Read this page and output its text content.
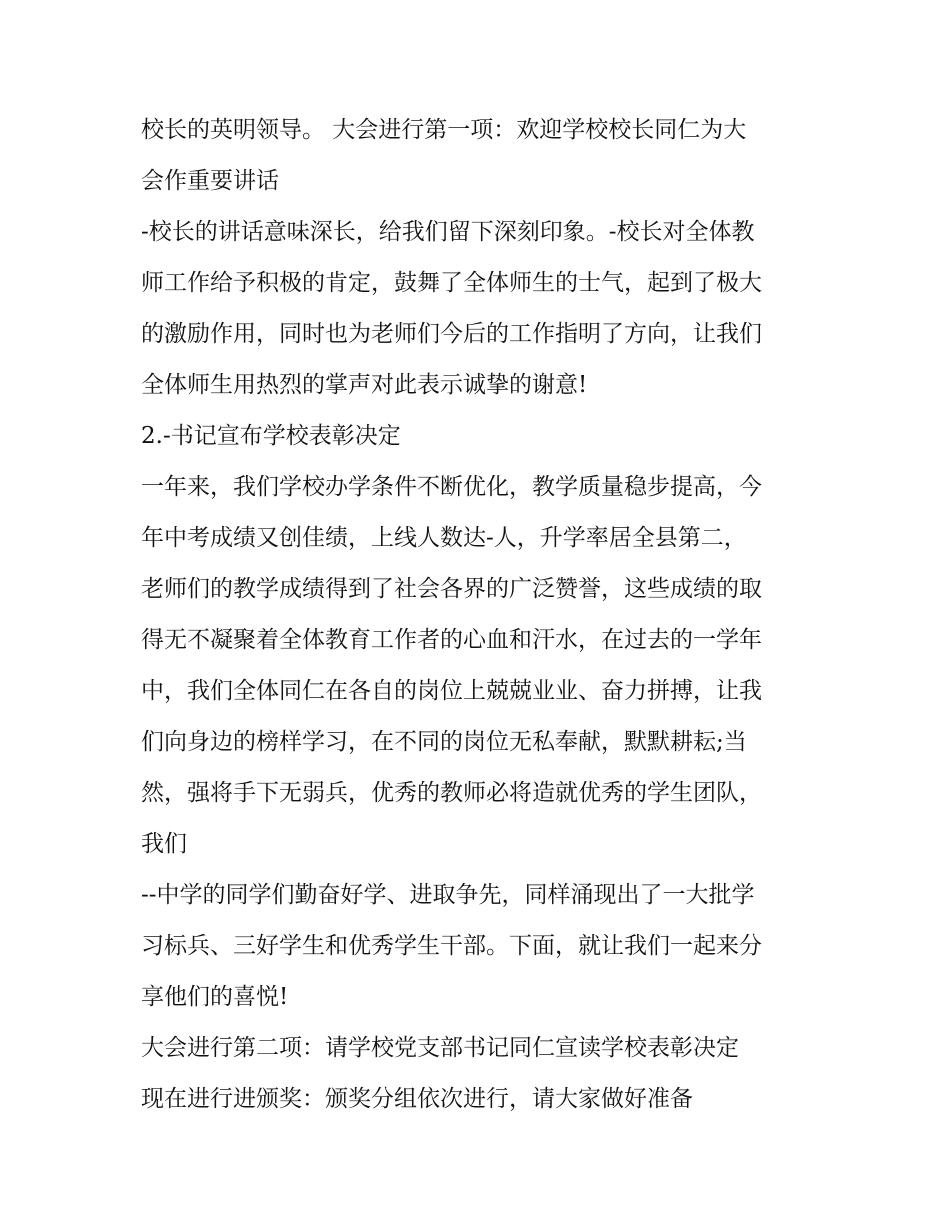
校长的英明领导。 大会进行第一项：欢迎学校校长同仁为大

会作重要讲话

-校长的讲话意味深长，给我们留下深刻印象。-校长对全体教

师工作给予积极的肯定，鼓舞了全体师生的士气，起到了极大

的激励作用，同时也为老师们今后的工作指明了方向，让我们

全体师生用热烈的掌声对此表示诚挚的谢意!

2.-书记宣布学校表彰决定

一年来，我们学校办学条件不断优化，教学质量稳步提高，今

年中考成绩又创佳绩，上线人数达-人，升学率居全县第二，

老师们的教学成绩得到了社会各界的广泛赞誉，这些成绩的取

得无不凝聚着全体教育工作者的心血和汗水，在过去的一学年

中，我们全体同仁在各自的岗位上兢兢业业、奋力拼搏，让我

们向身边的榜样学习，在不同的岗位无私奉献，默默耕耘;当

然，强将手下无弱兵，优秀的教师必将造就优秀的学生团队，

我们

--中学的同学们勤奋好学、进取争先，同样涌现出了一大批学

习标兵、三好学生和优秀学生干部。下面，就让我们一起来分

享他们的喜悦!

大会进行第二项：请学校党支部书记同仁宣读学校表彰决定

现在进行进颁奖：颁奖分组依次进行，请大家做好准备
